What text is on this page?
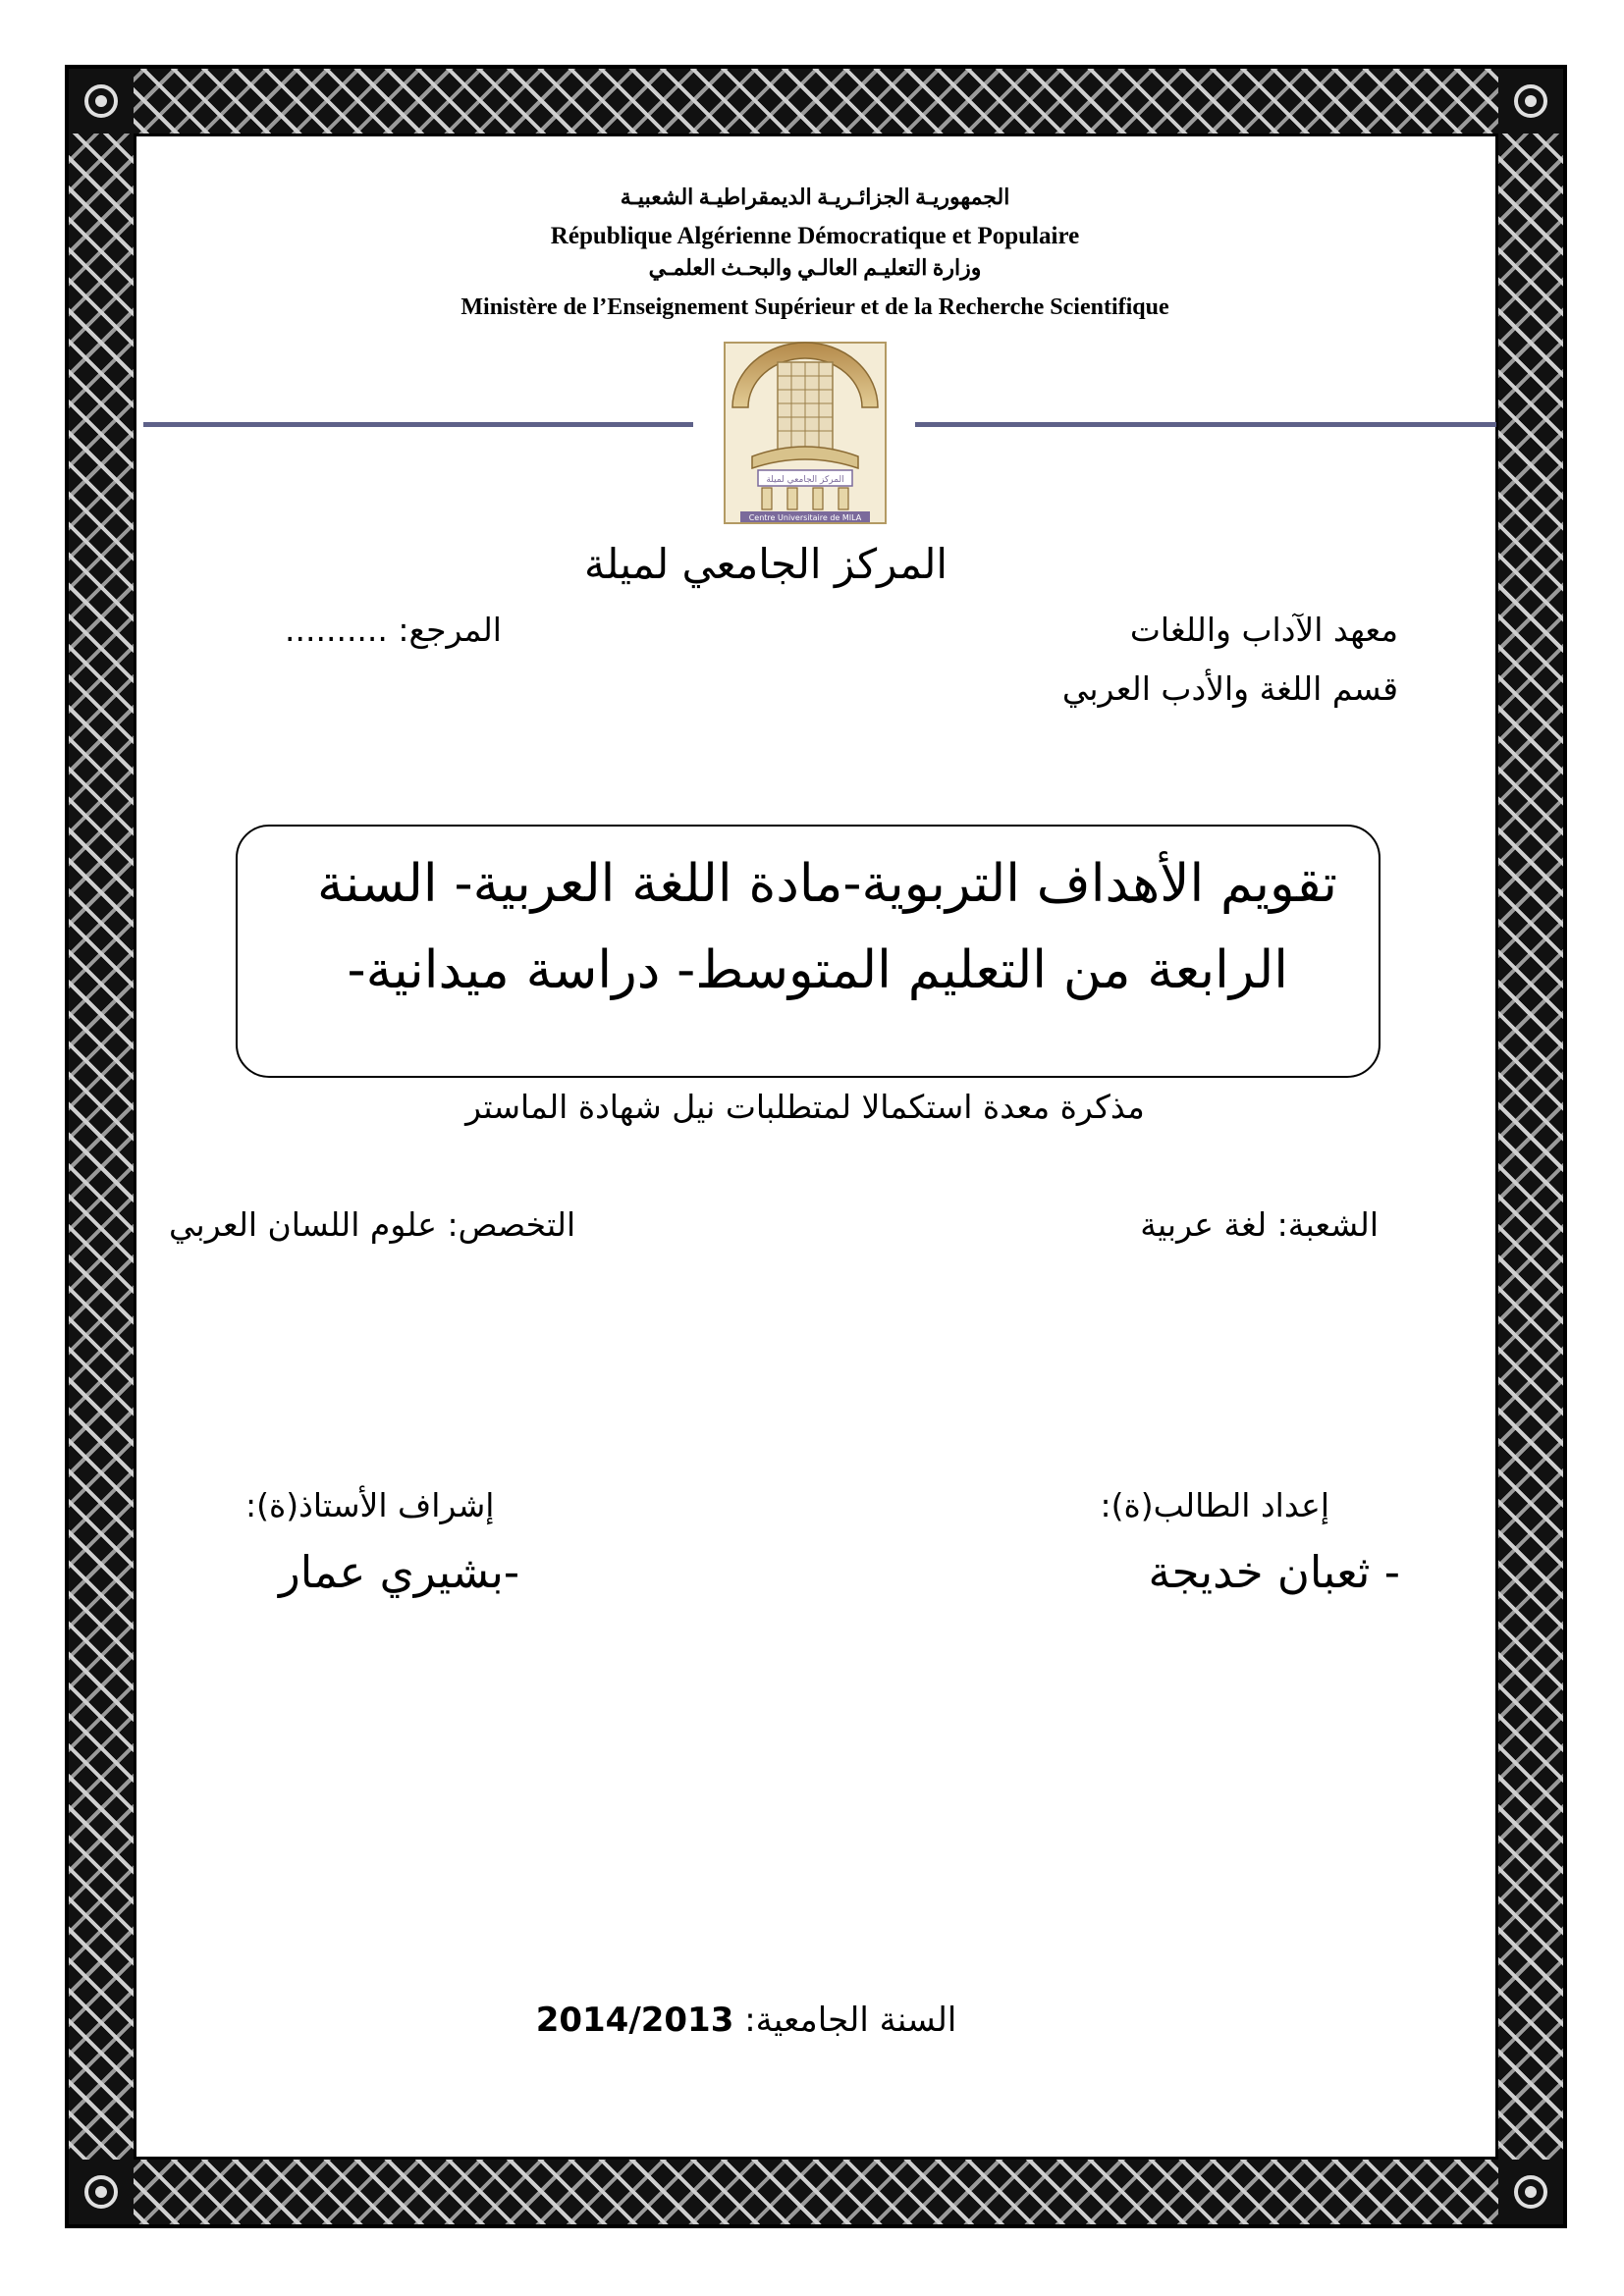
الجمهوريـة الجزائـريـة الديمقراطيـة الشعبيـة
République Algérienne Démocratique et Populaire
وزارة التعليـم العالـي والبحـث العلمـي
Ministère de l’Enseignement Supérieur et de la Recherche Scientifique
المركز الجامعي لميلة
Centre Universitaire de MILA
المركز الجامعي لميلة
معهد الآداب واللغات
المرجع: ..........
قسم اللغة والأدب العربي
تقويم الأهداف التربوية-مادة اللغة العربية- السنة
الرابعة من التعليم المتوسط- دراسة ميدانية-
مذكرة معدة استكمالا لمتطلبات نيل شهادة الماستر
الشعبة: لغة عربية
التخصص: علوم اللسان العربي
إعداد الطالب(ة):
إشراف الأستاذ(ة):
- ثعبان خديجة
-بشيري عمار
السنة الجامعية: 2014/2013
